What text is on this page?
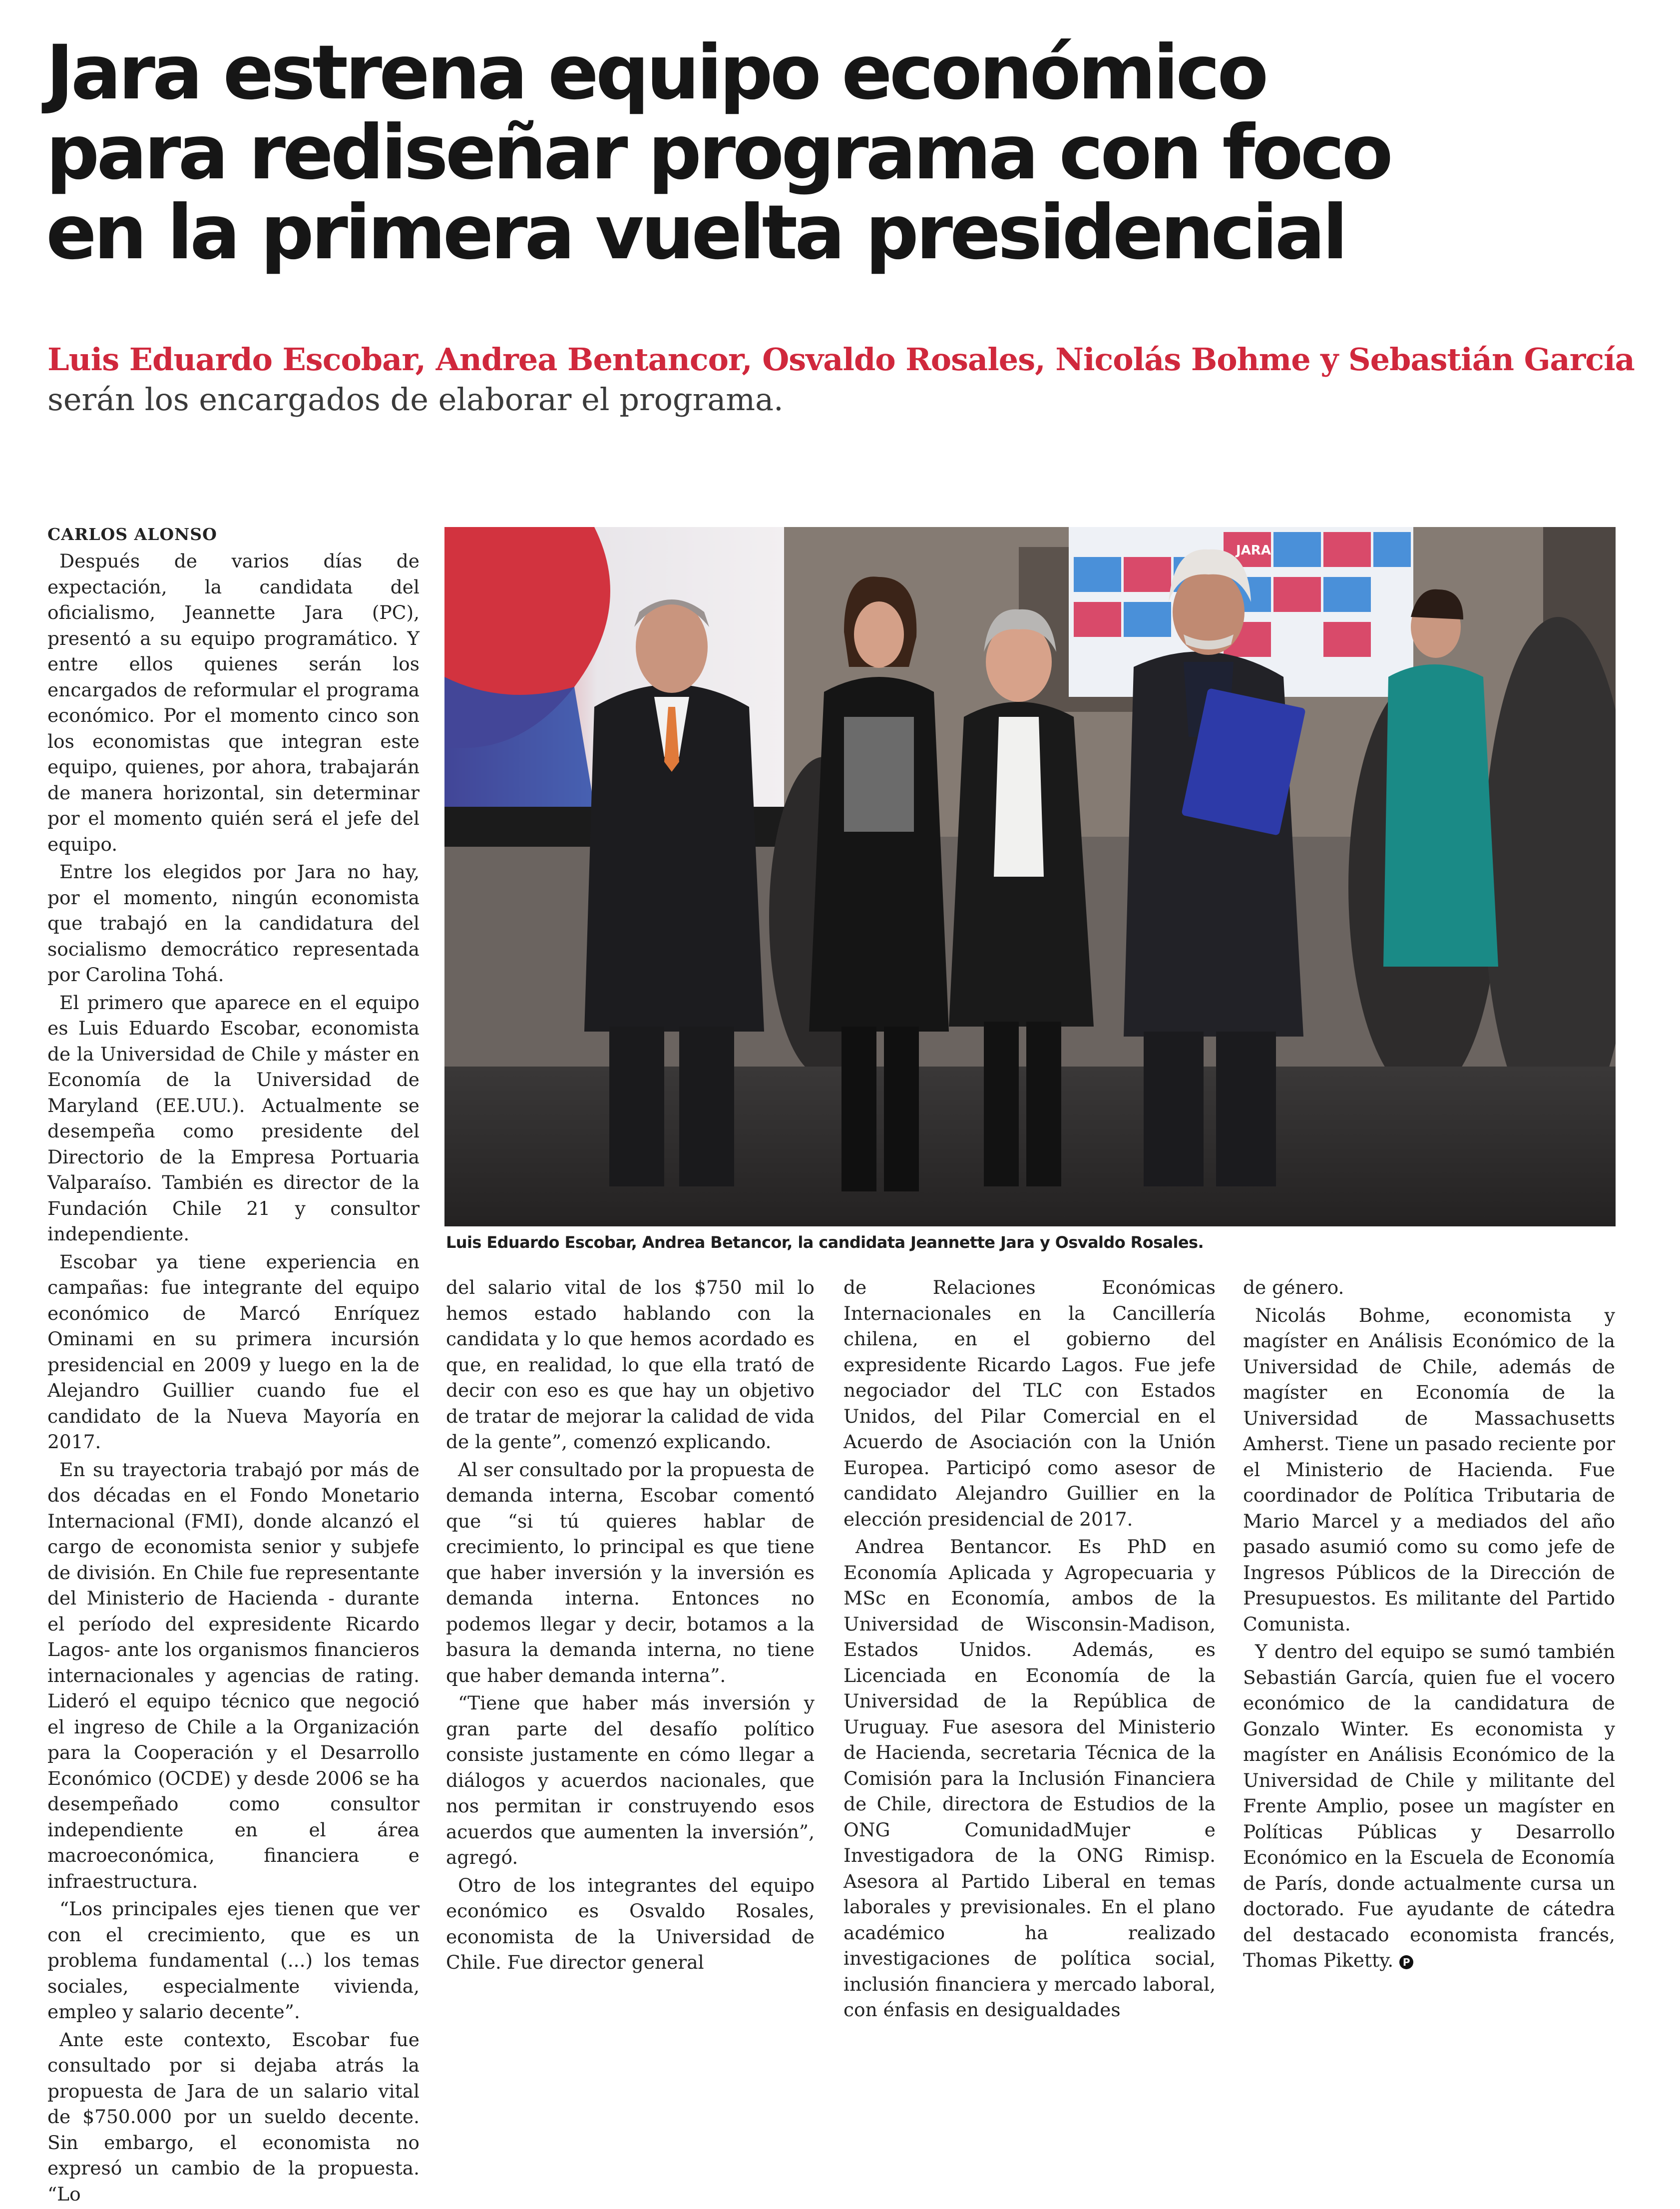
Jara estrena equipo económico para rediseñar programa con foco en la primera vuelta presidencial
Luis Eduardo Escobar, Andrea Bentancor, Osvaldo Rosales, Nicolás Bohme y Sebastián García
serán los encargados de elaborar el programa.
CARLOS ALONSO

Después de varios días de expectación, la candidata del oficialismo, Jeannette Jara (PC), presentó a su equipo programático. Y entre ellos quienes serán los encargados de reformular el programa económico. Por el momento cinco son los economistas que integran este equipo, quienes, por ahora, trabajarán de manera horizontal, sin determinar por el momento quién será el jefe del equipo.

Entre los elegidos por Jara no hay, por el momento, ningún economista que trabajó en la candidatura del socialismo democrático representada por Carolina Tohá.

El primero que aparece en el equipo es Luis Eduardo Escobar, economista de la Universidad de Chile y máster en Economía de la Universidad de Maryland (EE.UU.). Actualmente se desempeña como presidente del Directorio de la Empresa Portuaria Valparaíso. También es director de la Fundación Chile 21 y consultor independiente.

Escobar ya tiene experiencia en campañas: fue integrante del equipo económico de Marcó Enríquez Ominami en su primera incursión presidencial en 2009 y luego en la de Alejandro Guillier cuando fue el candidato de la Nueva Mayoría en 2017.

En su trayectoria trabajó por más de dos décadas en el Fondo Monetario Internacional (FMI), donde alcanzó el cargo de economista senior y subjefe de división. En Chile fue representante del Ministerio de Hacienda - durante el período del expresidente Ricardo Lagos- ante los organismos financieros internacionales y agencias de rating. Lideró el equipo técnico que negoció el ingreso de Chile a la Organización para la Cooperación y el Desarrollo Económico (OCDE) y desde 2006 se ha desempeñado como consultor independiente en el área macroeconómica, financiera e infraestructura.

“Los principales ejes tienen que ver con el crecimiento, que es un problema fundamental (...) los temas sociales, especialmente vivienda, empleo y salario decente”.

Ante este contexto, Escobar fue consultado por si dejaba atrás la propuesta de Jara de un salario vital de $750.000 por un sueldo decente. Sin embargo, el economista no expresó un cambio de la propuesta. “Lo

JARA
Luis Eduardo Escobar, Andrea Betancor, la candidata Jeannette Jara y Osvaldo Rosales.

del salario vital de los $750 mil lo hemos estado hablando con la candidata y lo que hemos acordado es que, en realidad, lo que ella trató de decir con eso es que hay un objetivo de tratar de mejorar la calidad de vida de la gente”, comenzó explicando.

Al ser consultado por la propuesta de demanda interna, Escobar comentó que “si tú quieres hablar de crecimiento, lo principal es que tiene que haber inversión y la inversión es demanda interna. Entonces no podemos llegar y decir, botamos a la basura la demanda interna, no tiene que haber demanda interna”.

“Tiene que haber más inversión y gran parte del desafío político consiste justamente en cómo llegar a diálogos y acuerdos nacionales, que nos permitan ir construyendo esos acuerdos que aumenten la inversión”, agregó.

Otro de los integrantes del equipo económico es Osvaldo Rosales, economista de la Universidad de Chile. Fue director general

de Relaciones Económicas Internacionales en la Cancillería chilena, en el gobierno del expresidente Ricardo Lagos. Fue jefe negociador del TLC con Estados Unidos, del Pilar Comercial en el Acuerdo de Asociación con la Unión Europea. Participó como asesor de candidato Alejandro Guillier en la elección presidencial de 2017.

Andrea Bentancor. Es PhD en Economía Aplicada y Agropecuaria y MSc en Economía, ambos de la Universidad de Wisconsin-Madison, Estados Unidos. Además, es Licenciada en Economía de la Universidad de la República de Uruguay. Fue asesora del Ministerio de Hacienda, secretaria Técnica de la Comisión para la Inclusión Financiera de Chile, directora de Estudios de la ONG ComunidadMujer e Investigadora de la ONG Rimisp. Asesora al Partido Liberal en temas laborales y previsionales. En el plano académico ha realizado investigaciones de política social, inclusión financiera y mercado laboral, con énfasis en desigualdades

de género.

Nicolás Bohme, economista y magíster en Análisis Económico de la Universidad de Chile, además de magíster en Economía de la Universidad de Massachusetts Amherst. Tiene un pasado reciente por el Ministerio de Hacienda. Fue coordinador de Política Tributaria de Mario Marcel y a mediados del año pasado asumió como su como jefe de Ingresos Públicos de la Dirección de Presupuestos. Es militante del Partido Comunista.

Y dentro del equipo se sumó también Sebastián García, quien fue el vocero económico de la candidatura de Gonzalo Winter. Es economista y magíster en Análisis Económico de la Universidad de Chile y militante del Frente Amplio, posee un magíster en Políticas Públicas y Desarrollo Económico en la Escuela de Economía de París, donde actualmente cursa un doctorado. Fue ayudante de cátedra del destacado economista francés, Thomas Piketty. P
